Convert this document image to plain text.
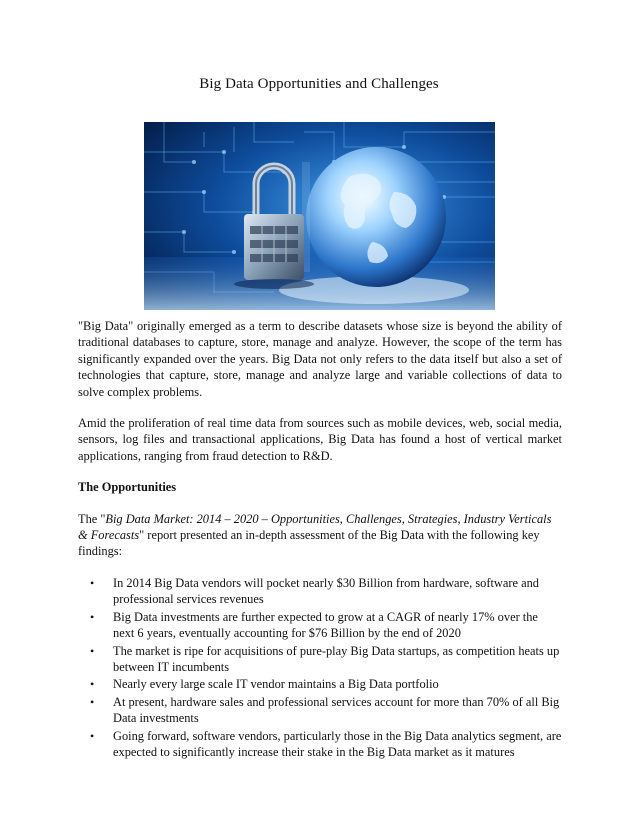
Big Data Opportunities and Challenges

"Big Data" originally emerged as a term to describe datasets whose size is beyond the ability of traditional databases to capture, store, manage and analyze. However, the scope of the term has significantly expanded over the years. Big Data not only refers to the data itself but also a set of technologies that capture, store, manage and analyze large and variable collections of data to solve complex problems.

Amid the proliferation of real time data from sources such as mobile devices, web, social media, sensors, log files and transactional applications, Big Data has found a host of vertical market applications, ranging from fraud detection to R&D.

The Opportunities

The "Big Data Market: 2014 – 2020 – Opportunities, Challenges, Strategies, Industry Verticals & Forecasts" report presented an in-depth assessment of the Big Data with the following key findings:

• In 2014 Big Data vendors will pocket nearly $30 Billion from hardware, software and professional services revenues
• Big Data investments are further expected to grow at a CAGR of nearly 17% over the next 6 years, eventually accounting for $76 Billion by the end of 2020
• The market is ripe for acquisitions of pure-play Big Data startups, as competition heats up between IT incumbents
• Nearly every large scale IT vendor maintains a Big Data portfolio
• At present, hardware sales and professional services account for more than 70% of all Big Data investments
• Going forward, software vendors, particularly those in the Big Data analytics segment, are expected to significantly increase their stake in the Big Data market as it matures
